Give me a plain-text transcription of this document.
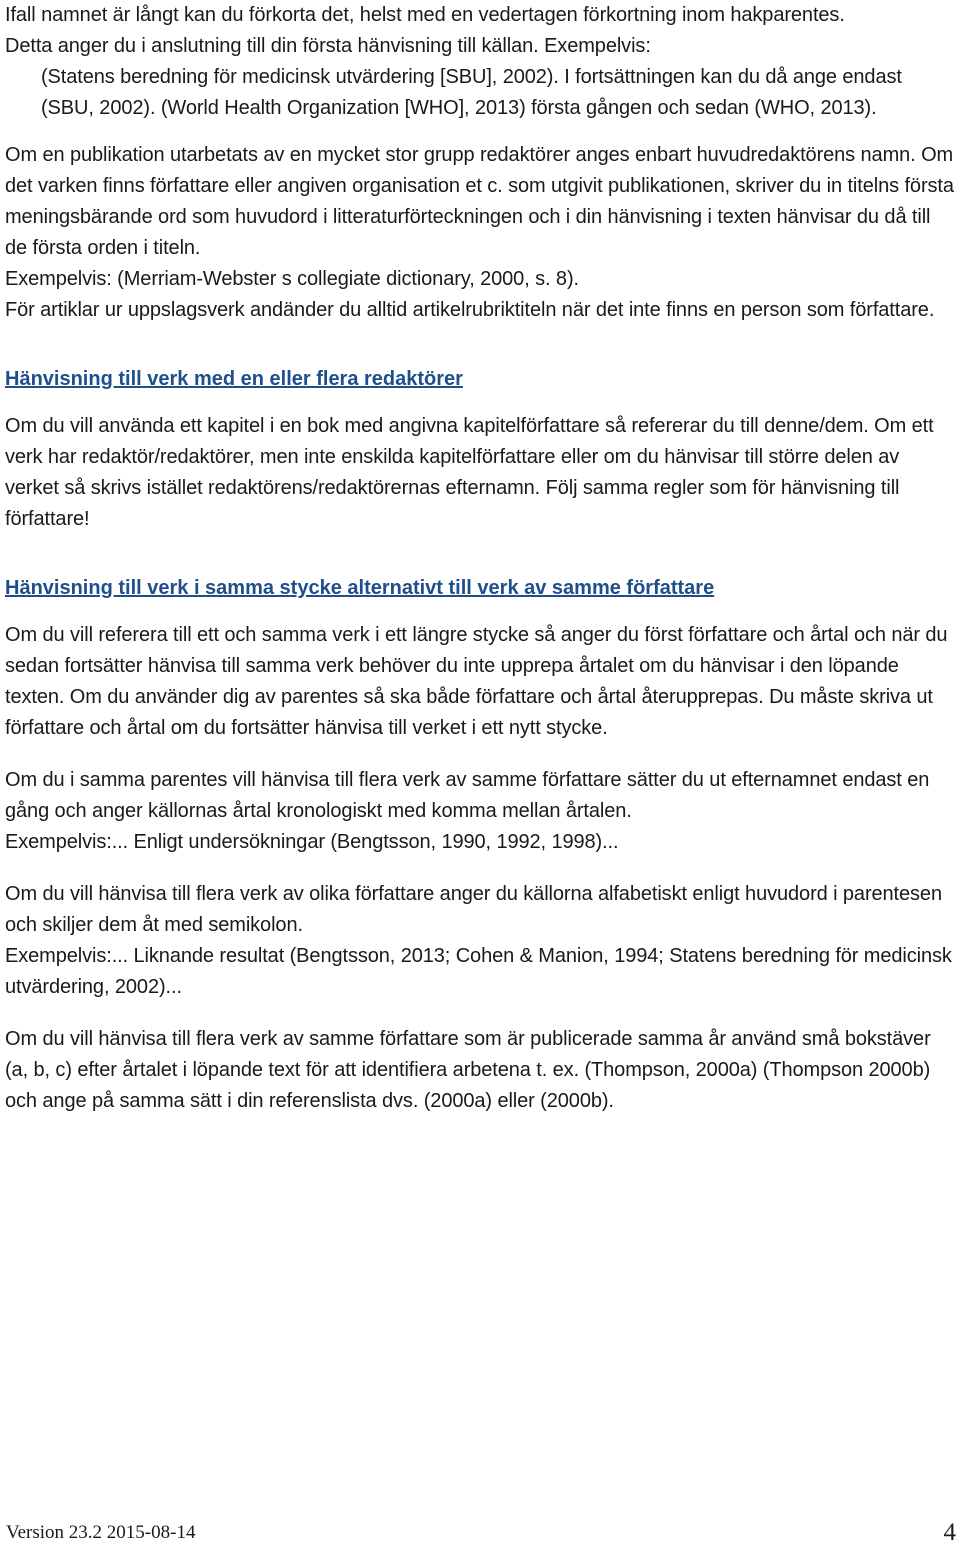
Ifall namnet är långt kan du förkorta det, helst med en vedertagen förkortning inom hakparentes.

Detta anger du i anslutning till din första hänvisning till källan. Exempelvis:

(Statens beredning för medicinsk utvärdering [SBU], 2002). I fortsättningen kan du då ange endast (SBU, 2002). (World Health Organization [WHO], 2013) första gången och sedan (WHO, 2013).

Om en publikation utarbetats av en mycket stor grupp redaktörer anges enbart huvudredaktörens namn. Om det varken finns författare eller angiven organisation et c. som utgivit publikationen, skriver du in titelns första meningsbärande ord som huvudord i litteraturförteckningen och i din hänvisning i texten hänvisar du då till de första orden i titeln.

Exempelvis: (Merriam-Webster s collegiate dictionary, 2000, s. 8).

För artiklar ur uppslagsverk andänder du alltid artikelrubriktiteln när det inte finns en person som författare.

Hänvisning till verk med en eller flera redaktörer

Om du vill använda ett kapitel i en bok med angivna kapitelförfattare så refererar du till denne/dem. Om ett verk har redaktör/redaktörer, men inte enskilda kapitelförfattare eller om du hänvisar till större delen av verket så skrivs istället redaktörens/redaktörernas efternamn. Följ samma regler som för hänvisning till författare!

Hänvisning till verk i samma stycke alternativt till verk av samme författare

Om du vill referera till ett och samma verk i ett längre stycke så anger du först författare och årtal och när du sedan fortsätter hänvisa till samma verk behöver du inte upprepa årtalet om du hänvisar i den löpande texten. Om du använder dig av parentes så ska både författare och årtal återupprepas. Du måste skriva ut författare och årtal om du fortsätter hänvisa till verket i ett nytt stycke.

Om du i samma parentes vill hänvisa till flera verk av samme författare sätter du ut efternamnet endast en gång och anger källornas årtal kronologiskt med komma mellan årtalen.

Exempelvis:... Enligt undersökningar (Bengtsson, 1990, 1992, 1998)...

Om du vill hänvisa till flera verk av olika författare anger du källorna alfabetiskt enligt huvudord i parentesen och skiljer dem åt med semikolon.

Exempelvis:... Liknande resultat (Bengtsson, 2013; Cohen & Manion, 1994; Statens beredning för medicinsk utvärdering, 2002)...

Om du vill hänvisa till flera verk av samme författare som är publicerade samma år använd små bokstäver (a, b, c) efter årtalet i löpande text för att identifiera arbetena t. ex. (Thompson, 2000a) (Thompson 2000b) och ange på samma sätt i din referenslista dvs. (2000a) eller (2000b).

Version 23.2 2015-08-14	4
